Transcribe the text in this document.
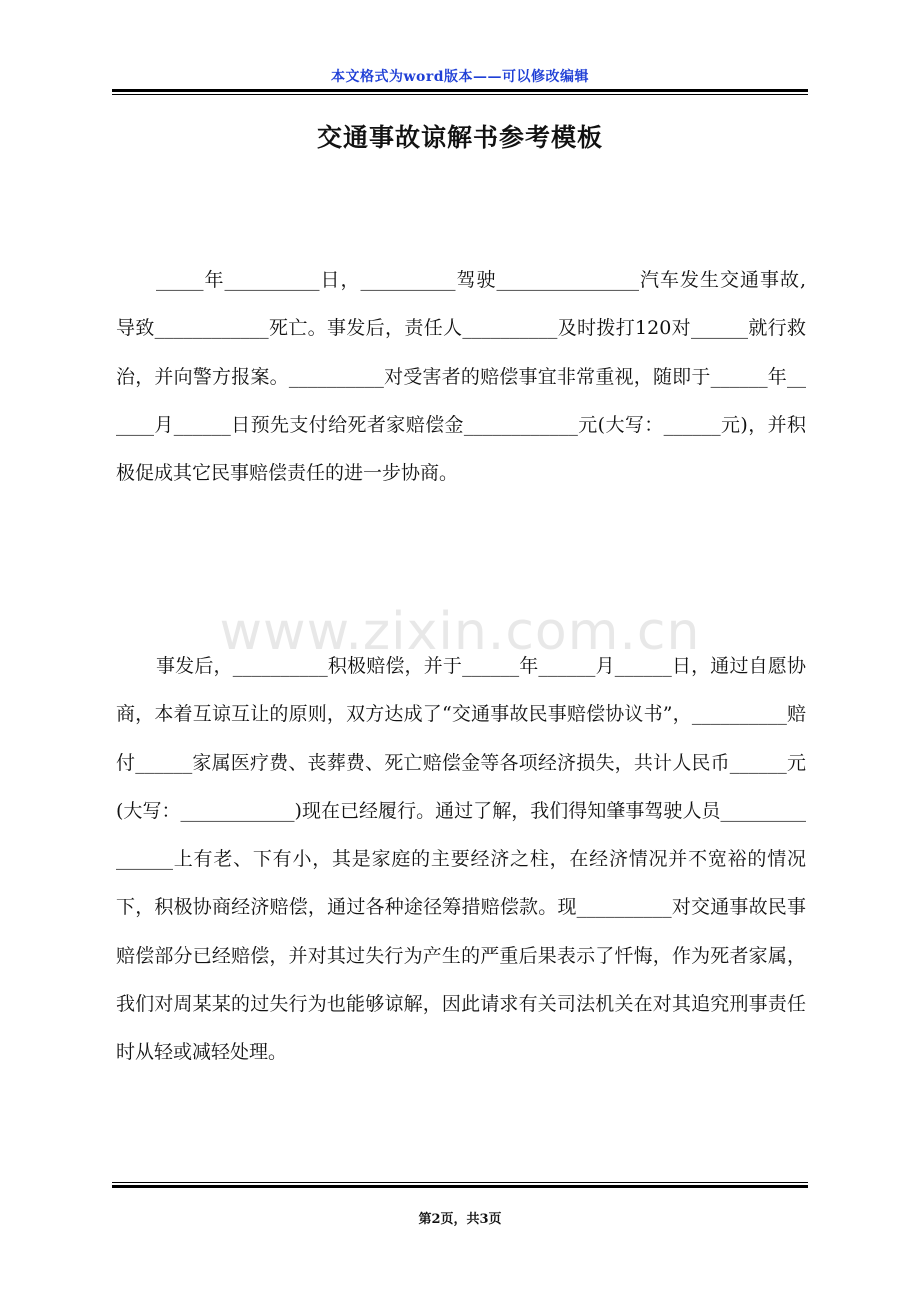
本文格式为word版本——可以修改编辑
交通事故谅解书参考模板

_____年__________日，__________驾驶_______________汽车发生交通事故,导致____________死亡。事发后，责任人__________及时拨打120对______就行救治，并向警方报案。__________对受害者的赔偿事宜非常重视，随即于______年______月______日预先支付给死者家赔偿金____________元(大写：______元)，并积极促成其它民事赔偿责任的进一步协商。

www.zixin.com.cn

事发后，__________积极赔偿，并于______年______月______日，通过自愿协商，本着互谅互让的原则，双方达成了“交通事故民事赔偿协议书”，__________赔付______家属医疗费、丧葬费、死亡赔偿金等各项经济损失，共计人民币______元(大写：____________)现在已经履行。通过了解，我们得知肇事驾驶人员_______________上有老、下有小，其是家庭的主要经济之柱，在经济情况并不宽裕的情况下，积极协商经济赔偿，通过各种途径筹措赔偿款。现__________对交通事故民事赔偿部分已经赔偿，并对其过失行为产生的严重后果表示了忏悔，作为死者家属，我们对周某某的过失行为也能够谅解，因此请求有关司法机关在对其追究刑事责任时从轻或减轻处理。

第2页，共3页
